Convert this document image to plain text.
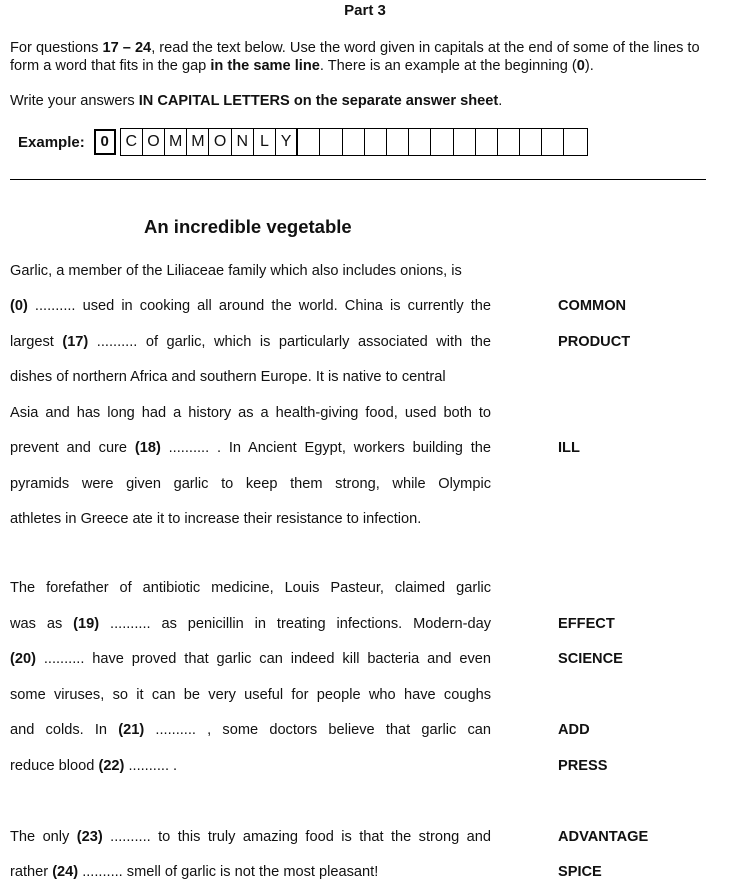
Part 3
For questions 17 – 24, read the text below. Use the word given in capitals at the end of some of the lines to form a word that fits in the gap in the same line. There is an example at the beginning (0).
Write your answers IN CAPITAL LETTERS on the separate answer sheet.
Example:	0	C O M M O N L Y
An incredible vegetable
Garlic, a member of the Liliaceae family which also includes onions, is
(0) .......... used in cooking all around the world. China is currently the	COMMON
largest (17) .......... of garlic, which is particularly associated with the	PRODUCT
dishes of northern Africa and southern Europe. It is native to central
Asia and has long had a history as a health-giving food, used both to
prevent and cure (18) .......... . In Ancient Egypt, workers building the	ILL
pyramids were given garlic to keep them strong, while Olympic
athletes in Greece ate it to increase their resistance to infection.
The forefather of antibiotic medicine, Louis Pasteur, claimed garlic
was as (19) .......... as penicillin in treating infections. Modern-day	EFFECT
(20) .......... have proved that garlic can indeed kill bacteria and even	SCIENCE
some viruses, so it can be very useful for people who have coughs
and colds. In (21) .......... , some doctors believe that garlic can	ADD
reduce blood (22) .......... .	PRESS
The only (23) .......... to this truly amazing food is that the strong and	ADVANTAGE
rather (24) .......... smell of garlic is not the most pleasant!	SPICE
